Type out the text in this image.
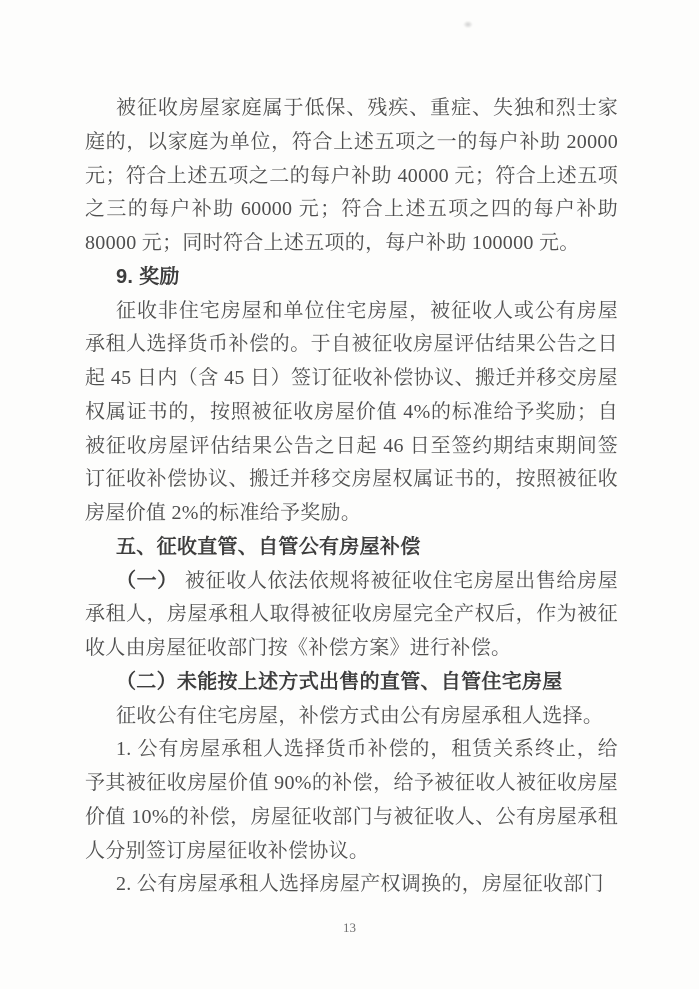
被征收房屋家庭属于低保、残疾、重症、失独和烈士家庭的，以家庭为单位，符合上述五项之一的每户补助 20000 元；符合上述五项之二的每户补助 40000 元；符合上述五项之三的每户补助 60000 元；符合上述五项之四的每户补助 80000 元；同时符合上述五项的，每户补助 100000 元。

9. 奖励

征收非住宅房屋和单位住宅房屋，被征收人或公有房屋承租人选择货币补偿的。于自被征收房屋评估结果公告之日起 45 日内（含 45 日）签订征收补偿协议、搬迁并移交房屋权属证书的，按照被征收房屋价值 4%的标准给予奖励；自被征收房屋评估结果公告之日起 46 日至签约期结束期间签订征收补偿协议、搬迁并移交房屋权属证书的，按照被征收房屋价值 2%的标准给予奖励。

五、征收直管、自管公有房屋补偿

（一） 被征收人依法依规将被征收住宅房屋出售给房屋承租人，房屋承租人取得被征收房屋完全产权后，作为被征收人由房屋征收部门按《补偿方案》进行补偿。

（二）未能按上述方式出售的直管、自管住宅房屋

征收公有住宅房屋，补偿方式由公有房屋承租人选择。

1. 公有房屋承租人选择货币补偿的，租赁关系终止，给予其被征收房屋价值 90%的补偿，给予被征收人被征收房屋价值 10%的补偿，房屋征收部门与被征收人、公有房屋承租人分别签订房屋征收补偿协议。

2. 公有房屋承租人选择房屋产权调换的，房屋征收部门

13
